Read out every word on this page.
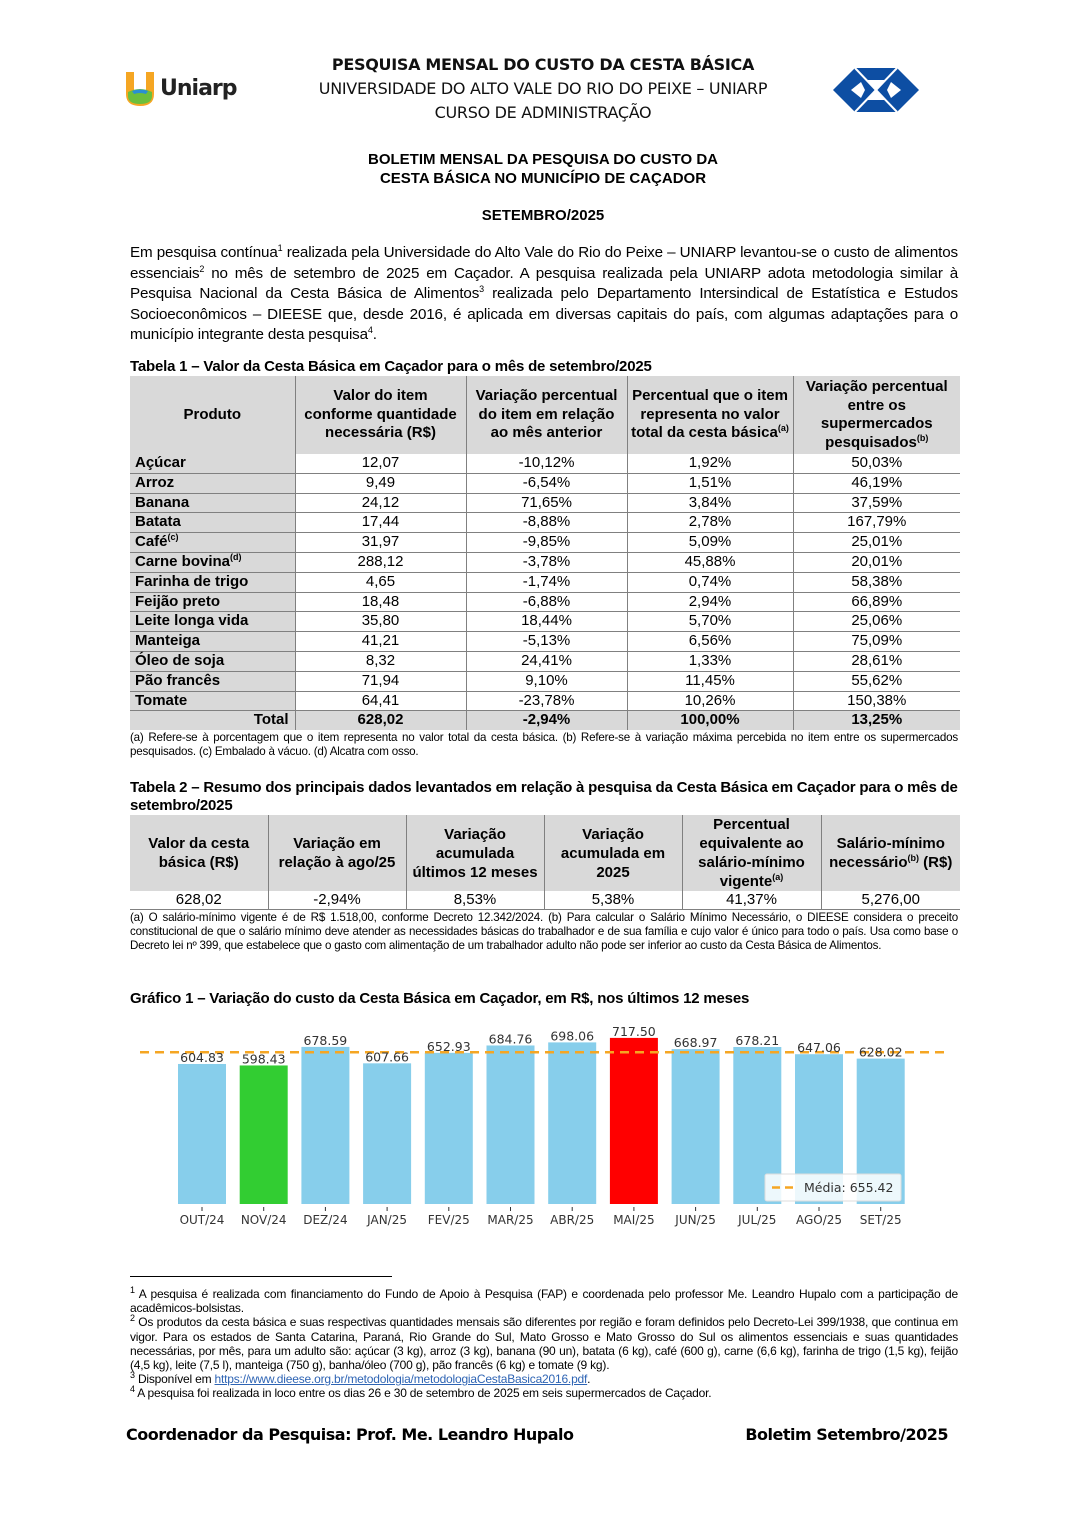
Uniarp
PESQUISA MENSAL DO CUSTO DA CESTA BÁSICA
UNIVERSIDADE DO ALTO VALE DO RIO DO PEIXE – UNIARP
CURSO DE ADMINISTRAÇÃO
BOLETIM MENSAL DA PESQUISA DO CUSTO DA
CESTA BÁSICA NO MUNICÍPIO DE CAÇADOR
SETEMBRO/2025

Em pesquisa contínua$^1$ realizada pela Universidade do Alto Vale do Rio do Peixe – UNIARP levantou-se o custo de alimentos essenciais$^2$ no mês de setembro de 2025 em Caçador. A pesquisa realizada pela UNIARP adota metodologia similar à Pesquisa Nacional da Cesta Básica de Alimentos$^3$ realizada pelo Departamento Intersindical de Estatística e Estudos Socioeconômicos – DIEESE que, desde 2016, é aplicada em diversas capitais do país, com algumas adaptações para o município integrante desta pesquisa$^4$.

Tabela 1 – Valor da Cesta Básica em Caçador para o mês de setembro/2025
Produto	Valor do item conforme quantidade necessária (R$)	Variação percentual do item em relação ao mês anterior	Percentual que o item representa no valor total da cesta básica$^{(a)}$	Variação percentual entre os supermercados pesquisados$^{(b)}$
Açúcar	12,07	-10,12%	1,92%	50,03%
Arroz	9,49	-6,54%	1,51%	46,19%
Banana	24,12	71,65%	3,84%	37,59%
Batata	17,44	-8,88%	2,78%	167,79%
Café$^{(c)}$	31,97	-9,85%	5,09%	25,01%
Carne bovina$^{(d)}$	288,12	-3,78%	45,88%	20,01%
Farinha de trigo	4,65	-1,74%	0,74%	58,38%
Feijão preto	18,48	-6,88%	2,94%	66,89%
Leite longa vida	35,80	18,44%	5,70%	25,06%
Manteiga	41,21	-5,13%	6,56%	75,09%
Óleo de soja	8,32	24,41%	1,33%	28,61%
Pão francês	71,94	9,10%	11,45%	55,62%
Tomate	64,41	-23,78%	10,26%	150,38%
Total	628,02	-2,94%	100,00%	13,25%
(a) Refere-se à porcentagem que o item representa no valor total da cesta básica. (b) Refere-se à variação máxima percebida no item entre os supermercados pesquisados. (c) Embalado à vácuo. (d) Alcatra com osso.
Tabela 2 – Resumo dos principais dados levantados em relação à pesquisa da Cesta Básica em Caçador para o mês de setembro/2025
Valor da cesta básica (R$)	Variação em relação à ago/25	Variação acumulada últimos 12 meses	Variação acumulada em 2025	Percentual equivalente ao salário-mínimo vigente$^{(a)}$	Salário-mínimo necessário$^{(b)}$ (R$)
628,02	-2,94%	8,53%	5,38%	41,37%	5,276,00
(a) O salário-mínimo vigente é de R$ 1.518,00, conforme Decreto 12.342/2024. (b) Para calcular o Salário Mínimo Necessário, o DIEESE considera o preceito constitucional de que o salário mínimo deve atender as necessidades básicas do trabalhador e de sua família e cujo valor é único para todo o país. Usa como base o Decreto lei nº 399, que estabelece que o gasto com alimentação de um trabalhador adulto não pode ser inferior ao custo da Cesta Básica de Alimentos.
Gráfico 1 – Variação do custo da Cesta Básica em Caçador, em R$, nos últimos 12 meses
OUT/24 NOV/24 DEZ/24 JAN/25 FEV/25 MAR/25 ABR/25 MAI/25 JUN/25 JUL/25 AGO/25 SET/25
604.83 598.43
678.59
607.66
652.93 684.76 698.06 717.50
668.97 678.21 647.06 628.02
Média: 655.42

$^1$ A pesquisa é realizada com financiamento do Fundo de Apoio à Pesquisa (FAP) e coordenada pelo professor Me. Leandro Hupalo com a participação de acadêmicos-bolsistas.

$^2$ Os produtos da cesta básica e suas respectivas quantidades mensais são diferentes por região e foram definidos pelo Decreto-Lei 399/1938, que continua em vigor. Para os estados de Santa Catarina, Paraná, Rio Grande do Sul, Mato Grosso e Mato Grosso do Sul os alimentos essenciais e suas quantidades necessárias, por mês, para um adulto são: açúcar (3 kg), arroz (3 kg), banana (90 un), batata (6 kg), café (600 g), carne (6,6 kg), farinha de trigo (1,5 kg), feijão (4,5 kg), leite (7,5 l), manteiga (750 g), banha/óleo (700 g), pão francês (6 kg) e tomate (9 kg).

$^3$ Disponível em https://www.dieese.org.br/metodologia/metodologiaCestaBasica2016.pdf.

$^4$ A pesquisa foi realizada in loco entre os dias 26 e 30 de setembro de 2025 em seis supermercados de Caçador.

Coordenador da Pesquisa: Prof. Me. Leandro Hupalo	Boletim Setembro/2025
